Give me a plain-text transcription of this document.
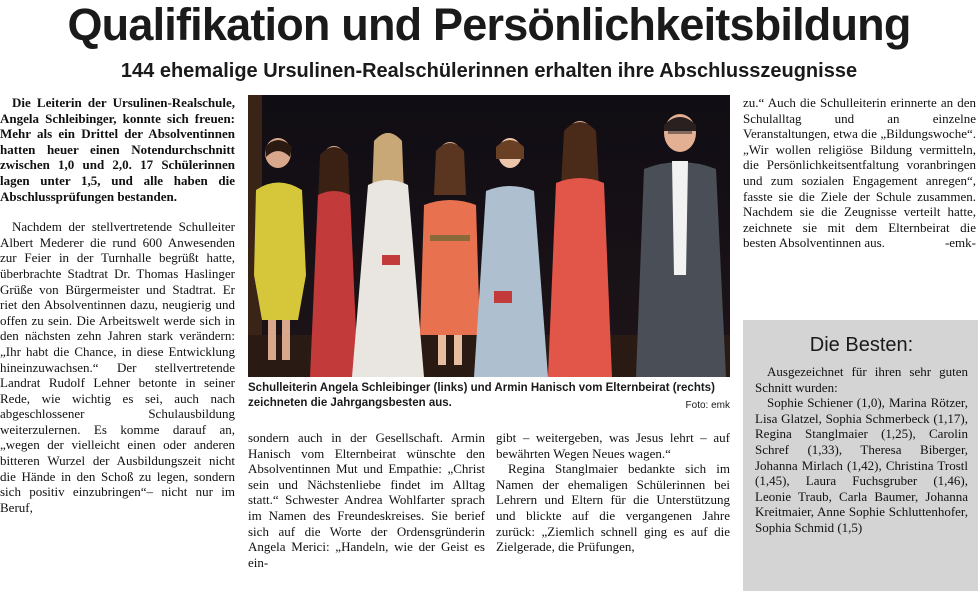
Qualifikation und Persönlichkeitsbildung
144 ehemalige Ursulinen-Realschülerinnen erhalten ihre Abschlusszeugnisse

Die Leiterin der Ursulinen-Realschule, Angela Schleibinger, konnte sich freuen: Mehr als ein Drittel der Absolventinnen hatten heuer einen Notendurchschnitt zwischen 1,0 und 2,0. 17 Schülerinnen lagen unter 1,5, und alle haben die Abschlussprüfungen bestanden.

Nachdem der stellvertretende Schulleiter Albert Mederer die rund 600 Anwesenden zur Feier in der Turnhalle begrüßt hatte, überbrachte Stadtrat Dr. Thomas Haslinger Grüße von Bürgermeister und Stadtrat. Er riet den Absolventinnen dazu, neugierig und offen zu sein. Die Arbeitswelt werde sich in den nächsten zehn Jahren stark verändern: „Ihr habt die Chance, in diese Entwicklung hineinzuwachsen.“ Der stellvertretende Landrat Rudolf Lehner betonte in seiner Rede, wie wichtig es sei, auch nach abgeschlossener Schulausbildung weiterzulernen. Es komme darauf an, „wegen der vielleicht einen oder anderen bitteren Wurzel der Ausbildungszeit nicht die Hände in den Schoß zu legen, sondern sich positiv einzubringen“– nicht nur im Beruf,

Schulleiterin Angela Schleibinger (links) und Armin Hanisch vom Elternbeirat (rechts) zeichneten die Jahrgangsbesten aus.	Foto: emk

sondern auch in der Gesellschaft. Armin Hanisch vom Elternbeirat wünschte den Absolventinnen Mut und Empathie: „Christ sein und Nächstenliebe findet im Alltag statt.“ Schwester Andrea Wohlfarter sprach im Namen des Freundeskreises. Sie berief sich auf die Worte der Ordensgründerin Angela Merici: „Handeln, wie der Geist es ein-

gibt – weitergeben, was Jesus lehrt – auf bewährten Wegen Neues wagen.“

Regina Stanglmaier bedankte sich im Namen der ehemaligen Schülerinnen bei Lehrern und Eltern für die Unterstützung und blickte auf die vergangenen Jahre zurück: „Ziemlich schnell ging es auf die Zielgerade, die Prüfungen,

zu.“ Auch die Schulleiterin erinnerte an den Schulalltag und an einzelne Veranstaltungen, etwa die „Bildungswoche“. „Wir wollen religiöse Bildung vermitteln, die Persönlichkeitsentfaltung voranbringen und zum sozialen Engagement anregen“, fasste sie die Ziele der Schule zusammen. Nachdem sie die Zeugnisse verteilt hatte, zeichnete sie mit dem Elternbeirat die besten Absolventinnen aus.	-emk-

Die Besten:

Ausgezeichnet für ihren sehr guten Schnitt wurden:

Sophie Schiener (1,0), Marina Rötzer, Lisa Glatzel, Sophia Schmerbeck (1,17), Regina Stanglmaier (1,25), Carolin Schref (1,33), Theresa Biberger, Johanna Mirlach (1,42), Christina Trostl (1,45), Laura Fuchsgruber (1,46), Leonie Traub, Carla Baumer, Johanna Kreitmaier, Anne Sophie Schluttenhofer, Sophia Schmid (1,5)
